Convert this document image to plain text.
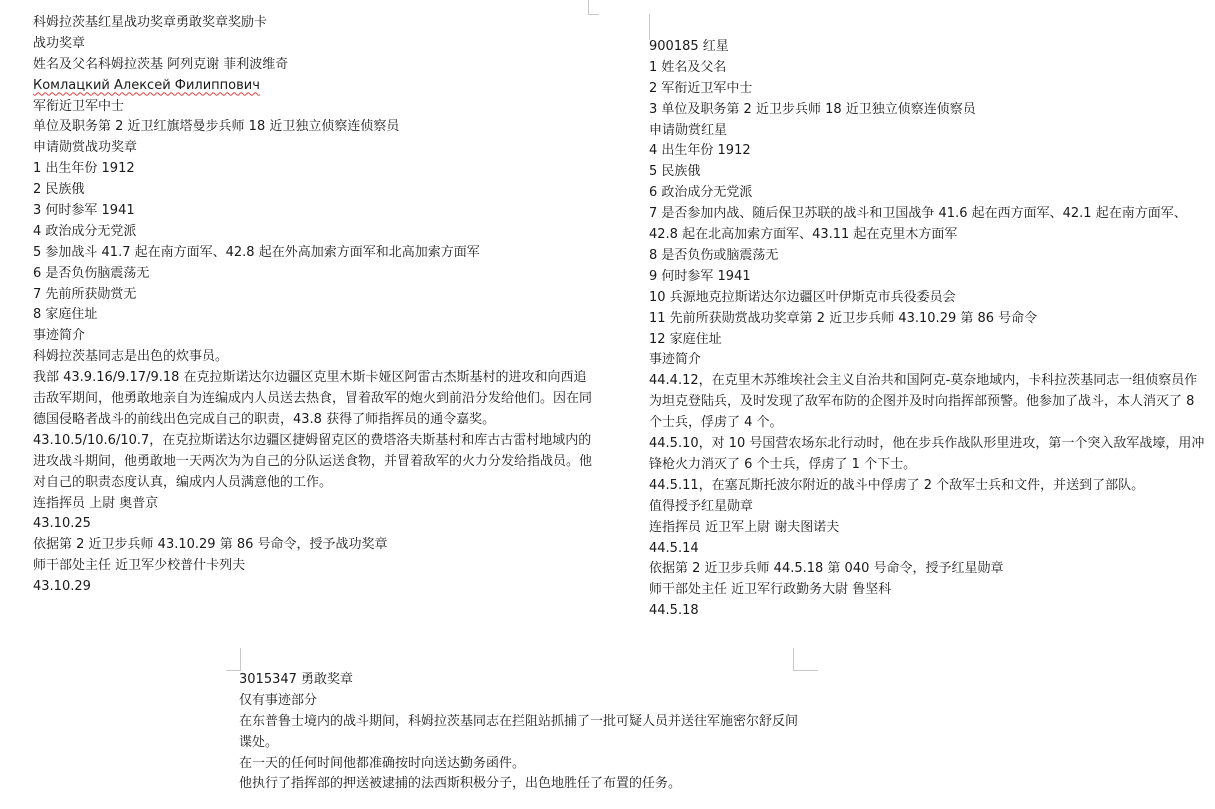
科姆拉茨基红星战功奖章勇敢奖章奖励卡
战功奖章
姓名及父名科姆拉茨基 阿列克谢 菲利波维奇
Комлацкий Алексей Филиппович
军衔近卫军中士
单位及职务第 2 近卫红旗塔曼步兵师 18 近卫独立侦察连侦察员
申请勋赏战功奖章
1 出生年份 1912
2 民族俄
3 何时参军 1941
4 政治成分无党派
5 参加战斗 41.7 起在南方面军、42.8 起在外高加索方面军和北高加索方面军
6 是否负伤脑震荡无
7 先前所获勋赏无
8 家庭住址
事迹简介
科姆拉茨基同志是出色的炊事员。
我部 43.9.16/9.17/9.18 在克拉斯诺达尔边疆区克里木斯卡娅区阿雷古杰斯基村的进攻和向西追击敌军期间，他勇敢地亲自为连编成内人员送去热食，冒着敌军的炮火到前沿分发给他们。因在同德国侵略者战斗的前线出色完成自己的职责，43.8 获得了师指挥员的通令嘉奖。
43.10.5/10.6/10.7，在克拉斯诺达尔边疆区捷姆留克区的费塔洛夫斯基村和库古古雷村地域内的进攻战斗期间，他勇敢地一天两次为为自己的分队运送食物，并冒着敌军的火力分发给指战员。他对自己的职责态度认真，编成内人员满意他的工作。
连指挥员 上尉 奥普京
43.10.25
依据第 2 近卫步兵师 43.10.29 第 86 号命令，授予战功奖章
师干部处主任 近卫军少校普什卡列夫
43.10.29
900185 红星
1 姓名及父名
2 军衔近卫军中士
3 单位及职务第 2 近卫步兵师 18 近卫独立侦察连侦察员
申请勋赏红星
4 出生年份 1912
5 民族俄
6 政治成分无党派
7 是否参加内战、随后保卫苏联的战斗和卫国战争 41.6 起在西方面军、42.1 起在南方面军、42.8 起在北高加索方面军、43.11 起在克里木方面军
8 是否负伤或脑震荡无
9 何时参军 1941
10 兵源地克拉斯诺达尔边疆区叶伊斯克市兵役委员会
11 先前所获勋赏战功奖章第 2 近卫步兵师 43.10.29 第 86 号命令
12 家庭住址
事迹简介
44.4.12，在克里木苏维埃社会主义自治共和国阿克-莫奈地域内，卡科拉茨基同志一组侦察员作为坦克登陆兵，及时发现了敌军布防的企图并及时向指挥部预警。他参加了战斗，本人消灭了 8 个士兵，俘虏了 4 个。
44.5.10，对 10 号国营农场东北行动时，他在步兵作战队形里进攻，第一个突入敌军战壕，用冲锋枪火力消灭了 6 个士兵，俘虏了 1 个下士。
44.5.11，在塞瓦斯托波尔附近的战斗中俘虏了 2 个敌军士兵和文件，并送到了部队。
值得授予红星勋章
连指挥员 近卫军上尉 谢夫图诺夫
44.5.14
依据第 2 近卫步兵师 44.5.18 第 040 号命令，授予红星勋章
师干部处主任 近卫军行政勤务大尉 鲁坚科
44.5.18
3015347 勇敢奖章
仅有事迹部分
在东普鲁士境内的战斗期间，科姆拉茨基同志在拦阻站抓捕了一批可疑人员并送往军施密尔舒反间谍处。
在一天的任何时间他都准确按时向送达勤务函件。
他执行了指挥部的押送被逮捕的法西斯积极分子，出色地胜任了布置的任务。
